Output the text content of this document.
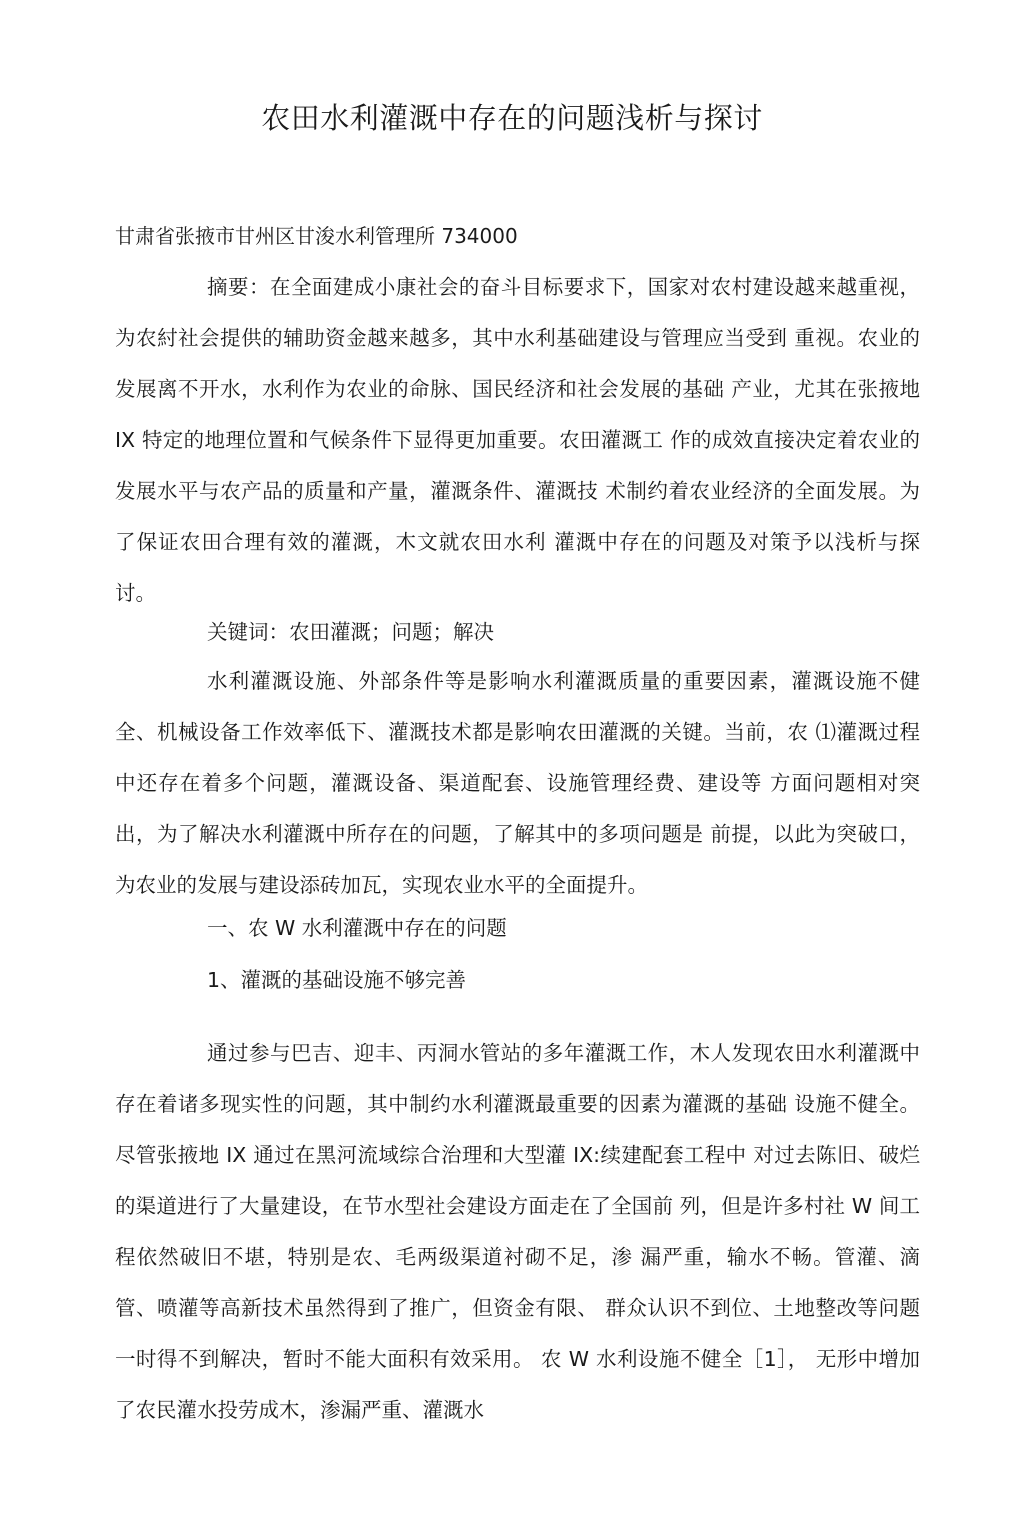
农田水利灌溉中存在的问题浅析与探讨

甘肃省张掖市甘州区甘浚水利管理所 734000

摘要：在全面建成小康社会的奋斗目标要求下，国家对农村建设越来越重视，为农紂社会提供的辅助资金越来越多，其中水利基础建设与管理应当受到 重视。农业的发展离不开水，水利作为农业的命脉、国民经济和社会发展的基础 产业，尤其在张掖地 IX 特定的地理位置和气候条件下显得更加重要。农田灌溉工 作的成效直接决定着农业的发展水平与农产品的质量和产量，灌溉条件、灌溉技 术制约着农业经济的全面发展。为了保证农田合理有效的灌溉，木文就农田水利 灌溉中存在的问题及对策予以浅析与探讨。

关键词：农田灌溉；问题；解决

水利灌溉设施、外部条件等是影响水利灌溉质量的重要因素，灌溉设施不健全、机械设备工作效率低下、灌溉技术都是影响农田灌溉的关键。当前，农 ⑴灌溉过程中还存在着多个问题，灌溉设备、渠道配套、设施管理经费、建设等 方面问题相对突出，为了解决水利灌溉中所存在的问题，了解其中的多项问题是 前提，以此为突破口，为农业的发展与建设添砖加瓦，实现农业水平的全面提升。

一、农 W 水利灌溉中存在的问题

1、灌溉的基础设施不够完善

通过参与巴吉、迎丰、丙洞水管站的多年灌溉工作，木人发现农田水利灌溉中存在着诸多现实性的问题，其中制约水利灌溉最重要的因素为灌溉的基础 设施不健全。尽管张掖地 IX 通过在黑河流域综合治理和大型灌 IX:续建配套工程中 对过去陈旧、破烂的渠道进行了大量建设，在节水型社会建设方面走在了全国前 列，但是许多村社 W 间工程依然破旧不堪，特别是农、毛两级渠道衬砌不足，渗 漏严重，输水不畅。管灌、滴管、喷灌等高新技术虽然得到了推广，但资金有限、 群众认识不到位、土地整改等问题一时得不到解决，暂时不能大面积有效采用。 农 W 水利设施不健全［1］， 无形中增加了农民灌水投劳成木，渗漏严重、灌溉水
